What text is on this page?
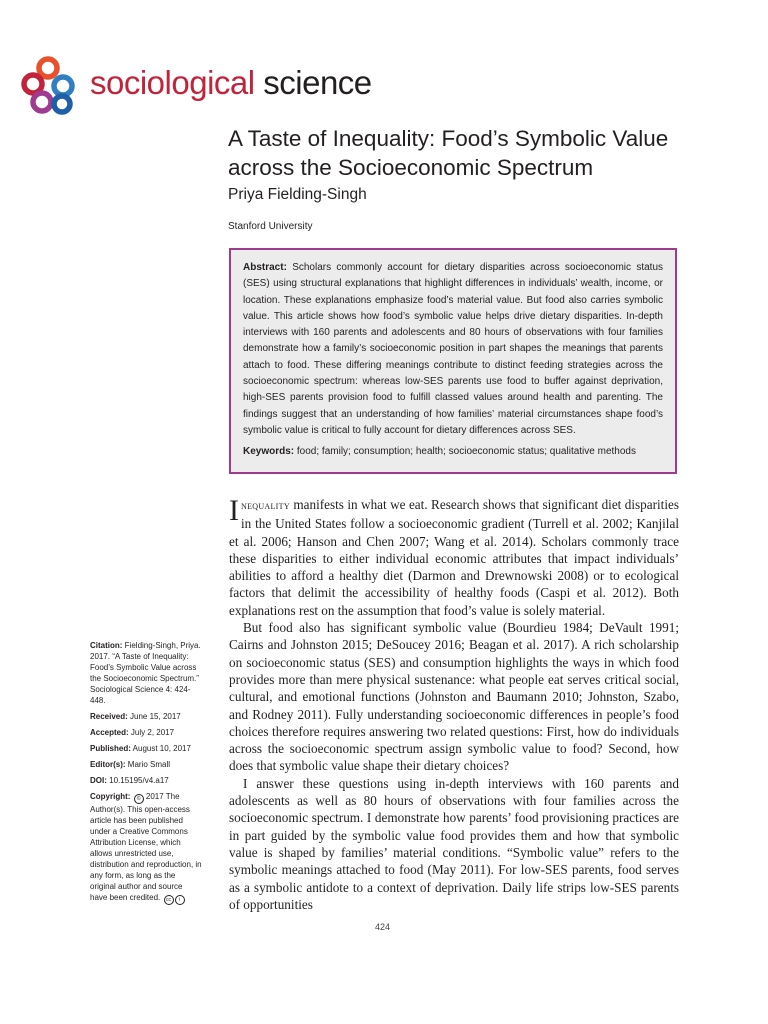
sociological science
A Taste of Inequality: Food’s Symbolic Value across the Socioeconomic Spectrum
Priya Fielding-Singh
Stanford University

Abstract: Scholars commonly account for dietary disparities across socioeconomic status (SES) using structural explanations that highlight differences in individuals’ wealth, income, or location. These explanations emphasize food’s material value. But food also carries symbolic value. This article shows how food’s symbolic value helps drive dietary disparities. In-depth interviews with 160 parents and adolescents and 80 hours of observations with four families demonstrate how a family’s socioeconomic position in part shapes the meanings that parents attach to food. These differing meanings contribute to distinct feeding strategies across the socioeconomic spectrum: whereas low-SES parents use food to buffer against deprivation, high-SES parents provision food to fulfill classed values around health and parenting. The findings suggest that an understanding of how families’ material circumstances shape food’s symbolic value is critical to fully account for dietary differences across SES.

Keywords: food; family; consumption; health; socioeconomic status; qualitative methods

Inequality manifests in what we eat. Research shows that significant diet disparities in the United States follow a socioeconomic gradient (Turrell et al. 2002; Kanjilal et al. 2006; Hanson and Chen 2007; Wang et al. 2014). Scholars commonly trace these disparities to either individual economic attributes that impact individuals’ abilities to afford a healthy diet (Darmon and Drewnowski 2008) or to ecological factors that delimit the accessibility of healthy foods (Caspi et al. 2012). Both explanations rest on the assumption that food’s value is solely material.

But food also has significant symbolic value (Bourdieu 1984; DeVault 1991; Cairns and Johnston 2015; DeSoucey 2016; Beagan et al. 2017). A rich scholarship on socioeconomic status (SES) and consumption highlights the ways in which food provides more than mere physical sustenance: what people eat serves critical social, cultural, and emotional functions (Johnston and Baumann 2010; Johnston, Szabo, and Rodney 2011). Fully understanding socioeconomic differences in people’s food choices therefore requires answering two related questions: First, how do individuals across the socioeconomic spectrum assign symbolic value to food? Second, how does that symbolic value shape their dietary choices?

I answer these questions using in-depth interviews with 160 parents and adolescents as well as 80 hours of observations with four families across the socioeconomic spectrum. I demonstrate how parents’ food provisioning practices are in part guided by the symbolic value food provides them and how that symbolic value is shaped by families’ material conditions. “Symbolic value” refers to the symbolic meanings attached to food (May 2011). For low-SES parents, food serves as a symbolic antidote to a context of deprivation. Daily life strips low-SES parents of opportunities

Citation: Fielding-Singh, Priya. 2017. “A Taste of Inequality: Food’s Symbolic Value across the Socioeconomic Spectrum.” Sociological Science 4: 424-448.

Received: June 15, 2017

Accepted: July 2, 2017

Published: August 10, 2017

Editor(s): Mario Small

DOI: 10.15195/v4.a17

Copyright: © 2017 The Author(s). This open-access article has been published under a Creative Commons Attribution License, which allows unrestricted use, distribution and reproduction, in any form, as long as the original author and source have been credited. cc i

424
